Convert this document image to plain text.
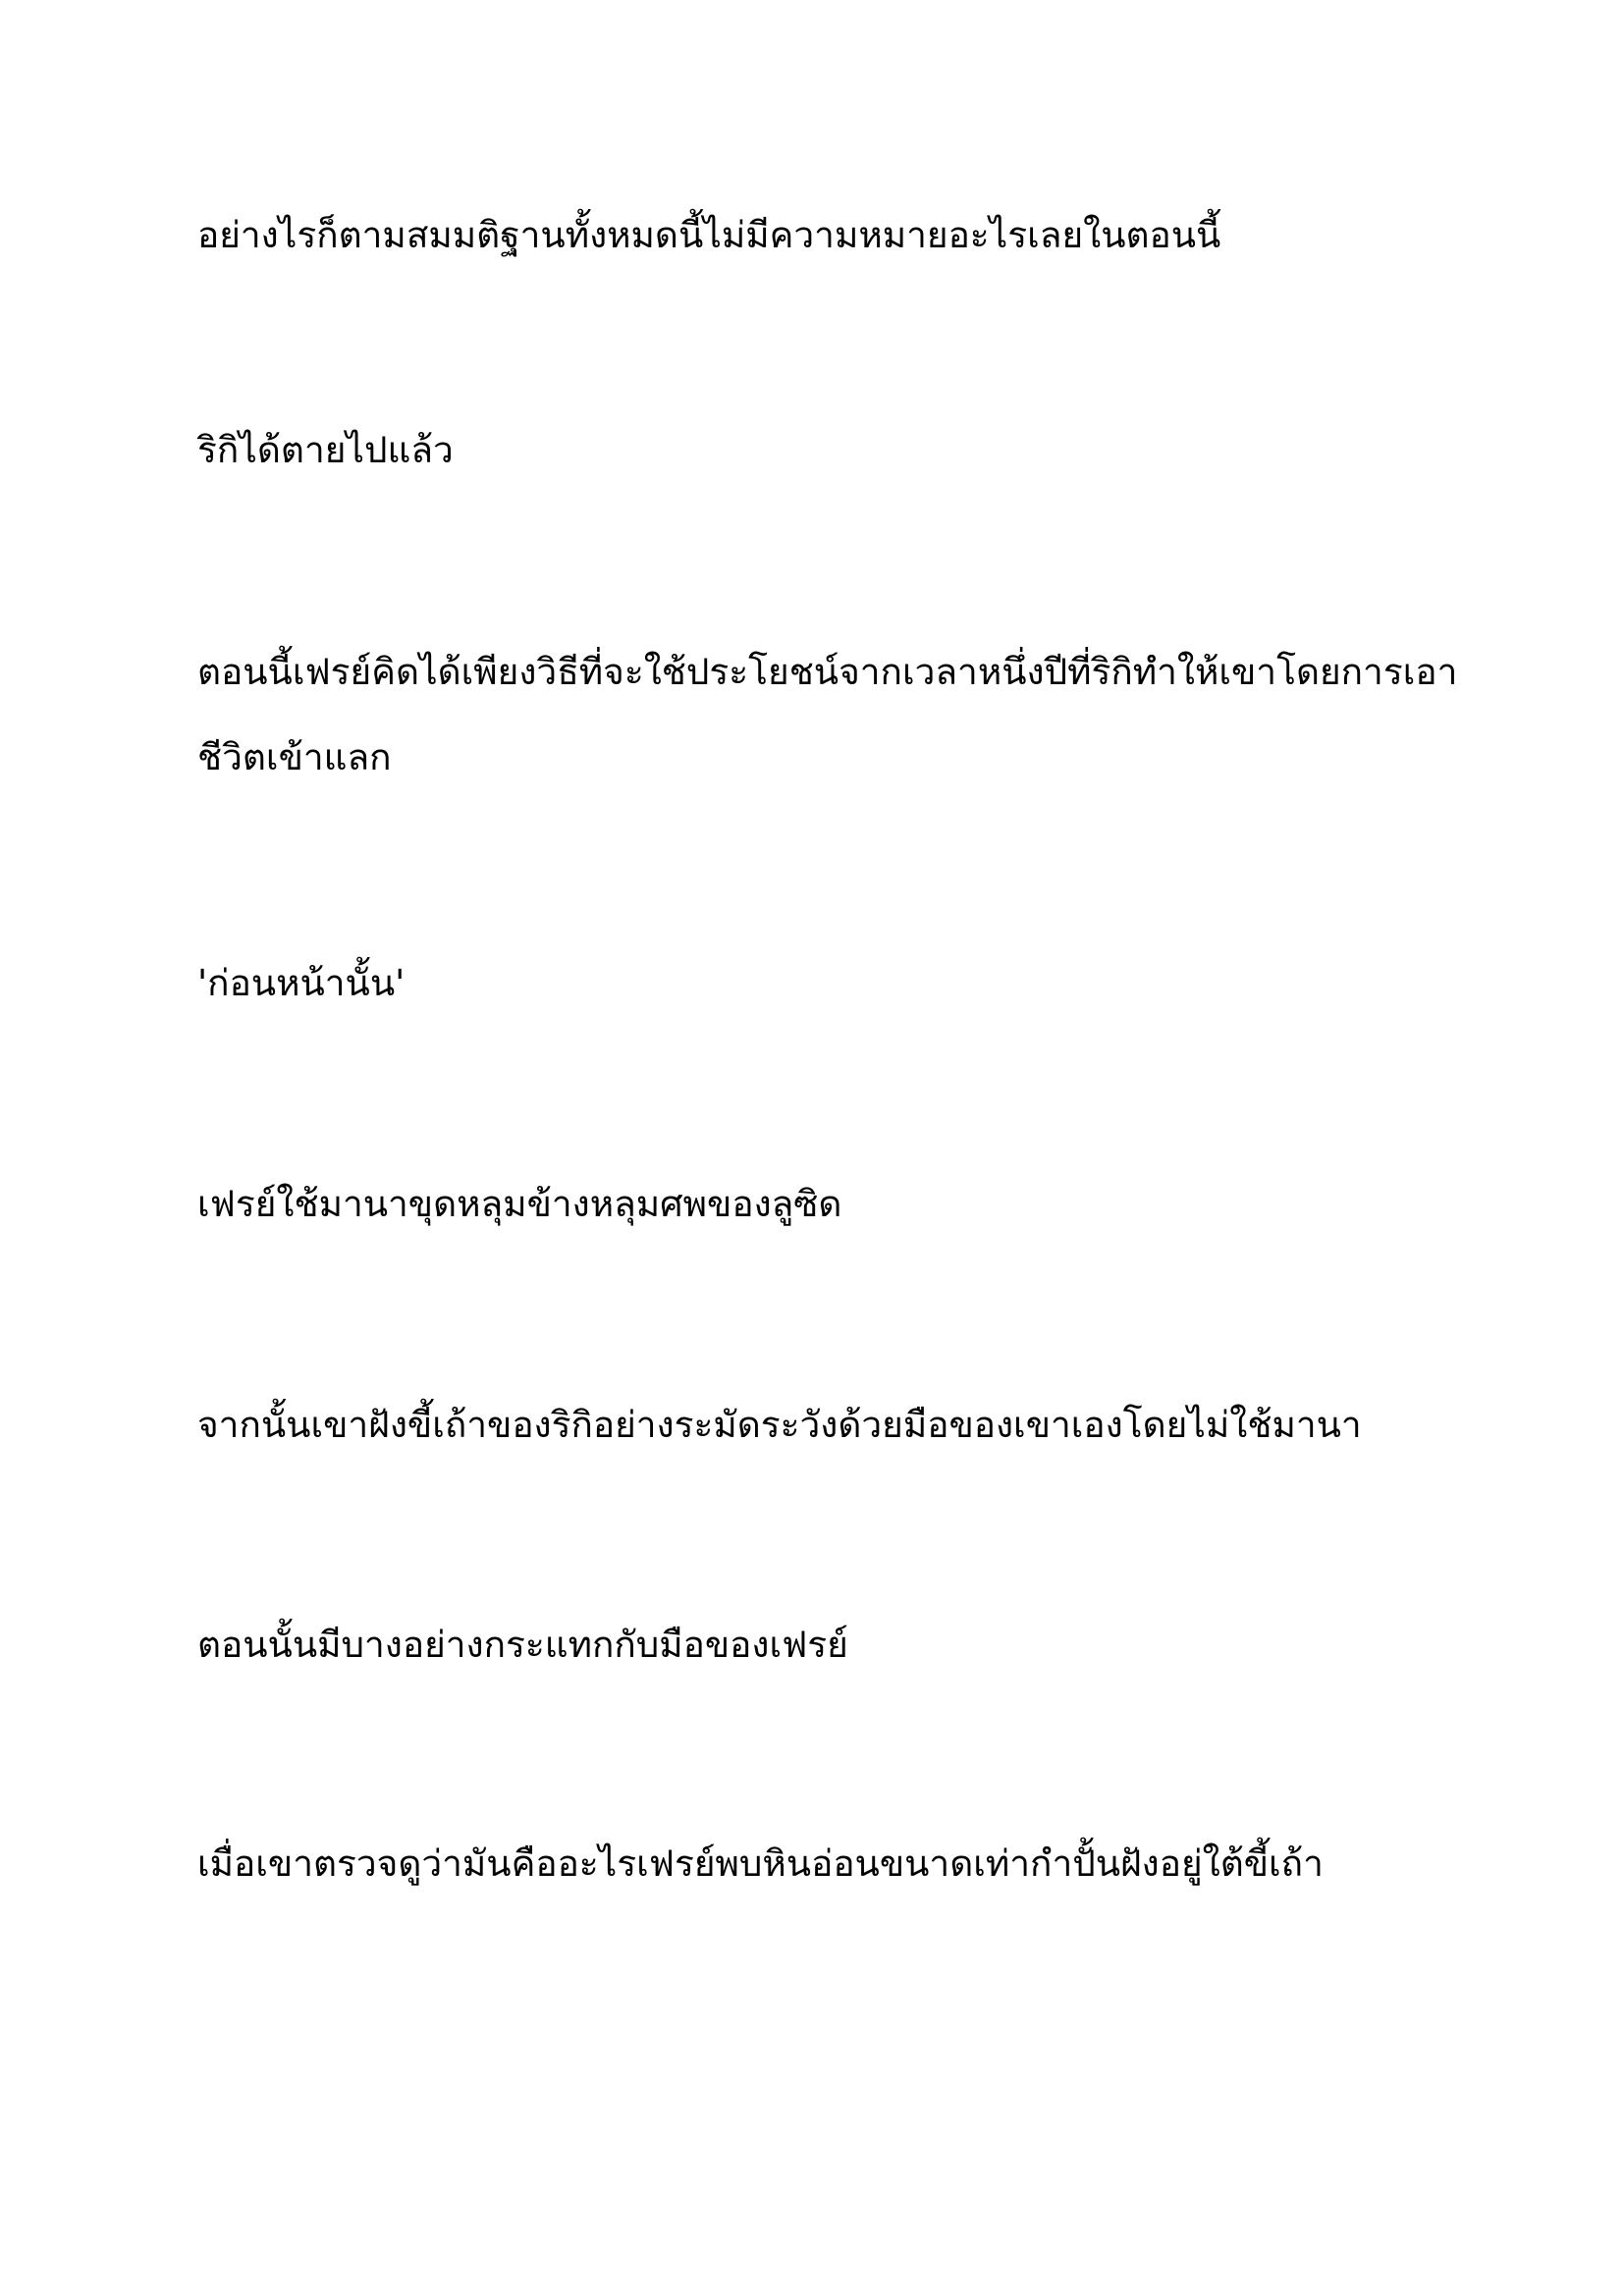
อย่างไรก็ตามสมมติฐานทั้งหมดนี้ไม่มีความหมายอะไรเลยในตอนนี้

ริกิได้ตายไปแล้ว

ตอนนี้เฟรย์คิดได้เพียงวิธีที่จะใช้ประโยชน์จากเวลาหนึ่งปีที่ริกิทำให้เขาโดยการเอา
ชีวิตเข้าแลก

'ก่อนหน้านั้น'

เฟรย์ใช้มานาขุดหลุมข้างหลุมศพของลูซิด

จากนั้นเขาฝังขี้เถ้าของริกิอย่างระมัดระวังด้วยมือของเขาเองโดยไม่ใช้มานา

ตอนนั้นมีบางอย่างกระแทกกับมือของเฟรย์

เมื่อเขาตรวจดูว่ามันคืออะไรเฟรย์พบหินอ่อนขนาดเท่ากำปั้นฝังอยู่ใต้ขี้เถ้า
